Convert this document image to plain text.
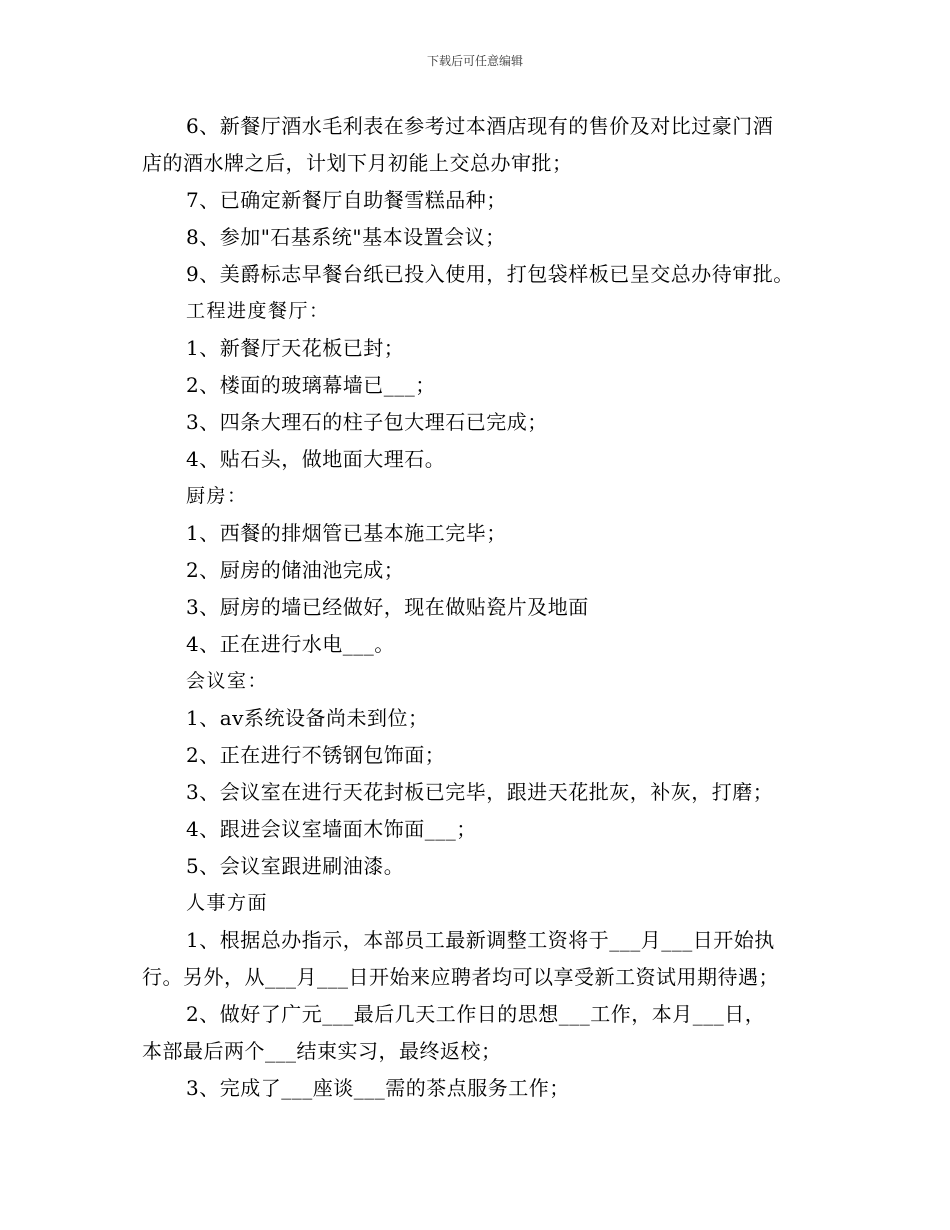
下载后可任意编辑
6、新餐厅酒水毛利表在参考过本酒店现有的售价及对比过豪门酒
店的酒水牌之后，计划下月初能上交总办审批；
7、已确定新餐厅自助餐雪糕品种；
8、参加"石基系统"基本设置会议；
9、美爵标志早餐台纸已投入使用，打包袋样板已呈交总办待审批。
工程进度餐厅：
1、新餐厅天花板已封；
2、楼面的玻璃幕墙已___；
3、四条大理石的柱子包大理石已完成；
4、贴石头，做地面大理石。
厨房：
1、西餐的排烟管已基本施工完毕；
2、厨房的储油池完成；
3、厨房的墙已经做好，现在做贴瓷片及地面
4、正在进行水电___。
会议室：
1、av系统设备尚未到位；
2、正在进行不锈钢包饰面；
3、会议室在进行天花封板已完毕，跟进天花批灰，补灰，打磨；
4、跟进会议室墙面木饰面___；
5、会议室跟进刷油漆。
人事方面
1、根据总办指示，本部员工最新调整工资将于___月___日开始执
行。另外，从___月___日开始来应聘者均可以享受新工资试用期待遇；
2、做好了广元___最后几天工作日的思想___工作，本月___日，
本部最后两个___结束实习，最终返校；
3、完成了___座谈___需的茶点服务工作；
